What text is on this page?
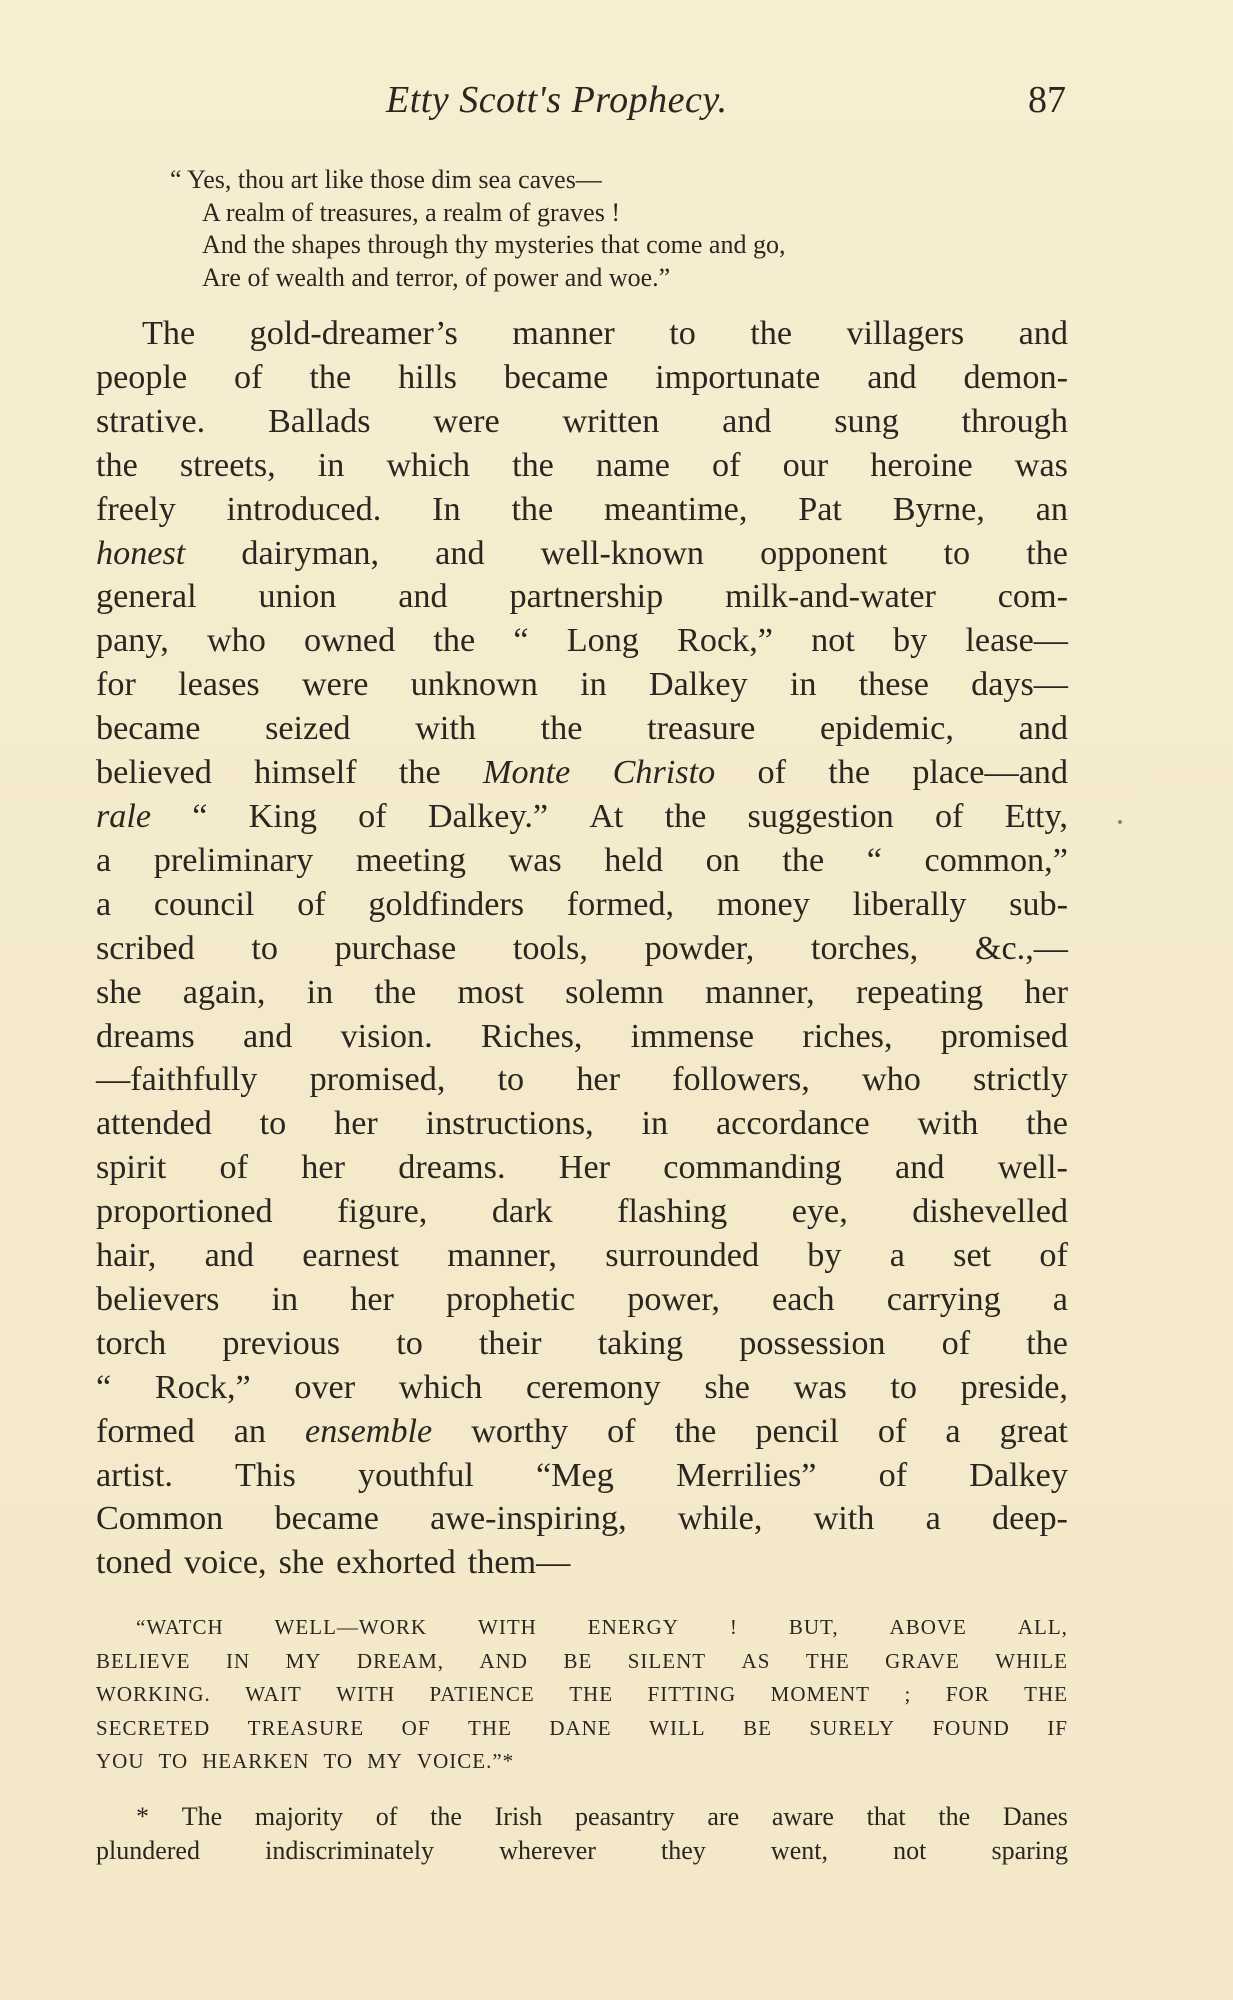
Etty Scott's Prophecy.	87
“ Yes, thou art like those dim sea caves—
A realm of treasures, a realm of graves !
And the shapes through thy mysteries that come and go,
Are of wealth and terror, of power and woe.”
The gold-dreamer’s manner to the villagers and
people of the hills became importunate and demon-
strative. Ballads were written and sung through
the streets, in which the name of our heroine was
freely introduced. In the meantime, Pat Byrne, an
honest dairyman, and well-known opponent to the
general union and partnership milk-and-water com-
pany, who owned the “ Long Rock,” not by lease—
for leases were unknown in Dalkey in these days—
became seized with the treasure epidemic, and
believed himself the Monte Christo of the place—and
rale “ King of Dalkey.” At the suggestion of Etty,
a preliminary meeting was held on the “ common,”
a council of goldfinders formed, money liberally sub-
scribed to purchase tools, powder, torches, &c.,—
she again, in the most solemn manner, repeating her
dreams and vision. Riches, immense riches, promised
—faithfully promised, to her followers, who strictly
attended to her instructions, in accordance with the
spirit of her dreams. Her commanding and well-
proportioned figure, dark flashing eye, dishevelled
hair, and earnest manner, surrounded by a set of
believers in her prophetic power, each carrying a
torch previous to their taking possession of the
“ Rock,” over which ceremony she was to preside,
formed an ensemble worthy of the pencil of a great
artist. This youthful “Meg Merrilies” of Dalkey
Common became awe-inspiring, while, with a deep-
toned voice, she exhorted them—
“WATCH WELL—WORK WITH ENERGY ! BUT, ABOVE ALL,
BELIEVE IN MY DREAM, AND BE SILENT AS THE GRAVE WHILE
WORKING. WAIT WITH PATIENCE THE FITTING MOMENT ; FOR THE
SECRETED TREASURE OF THE DANE WILL BE SURELY FOUND IF
YOU TO HEARKEN TO MY VOICE.”*
* The majority of the Irish peasantry are aware that the Danes
plundered	indiscriminately	wherever	they	went,	not	sparing
